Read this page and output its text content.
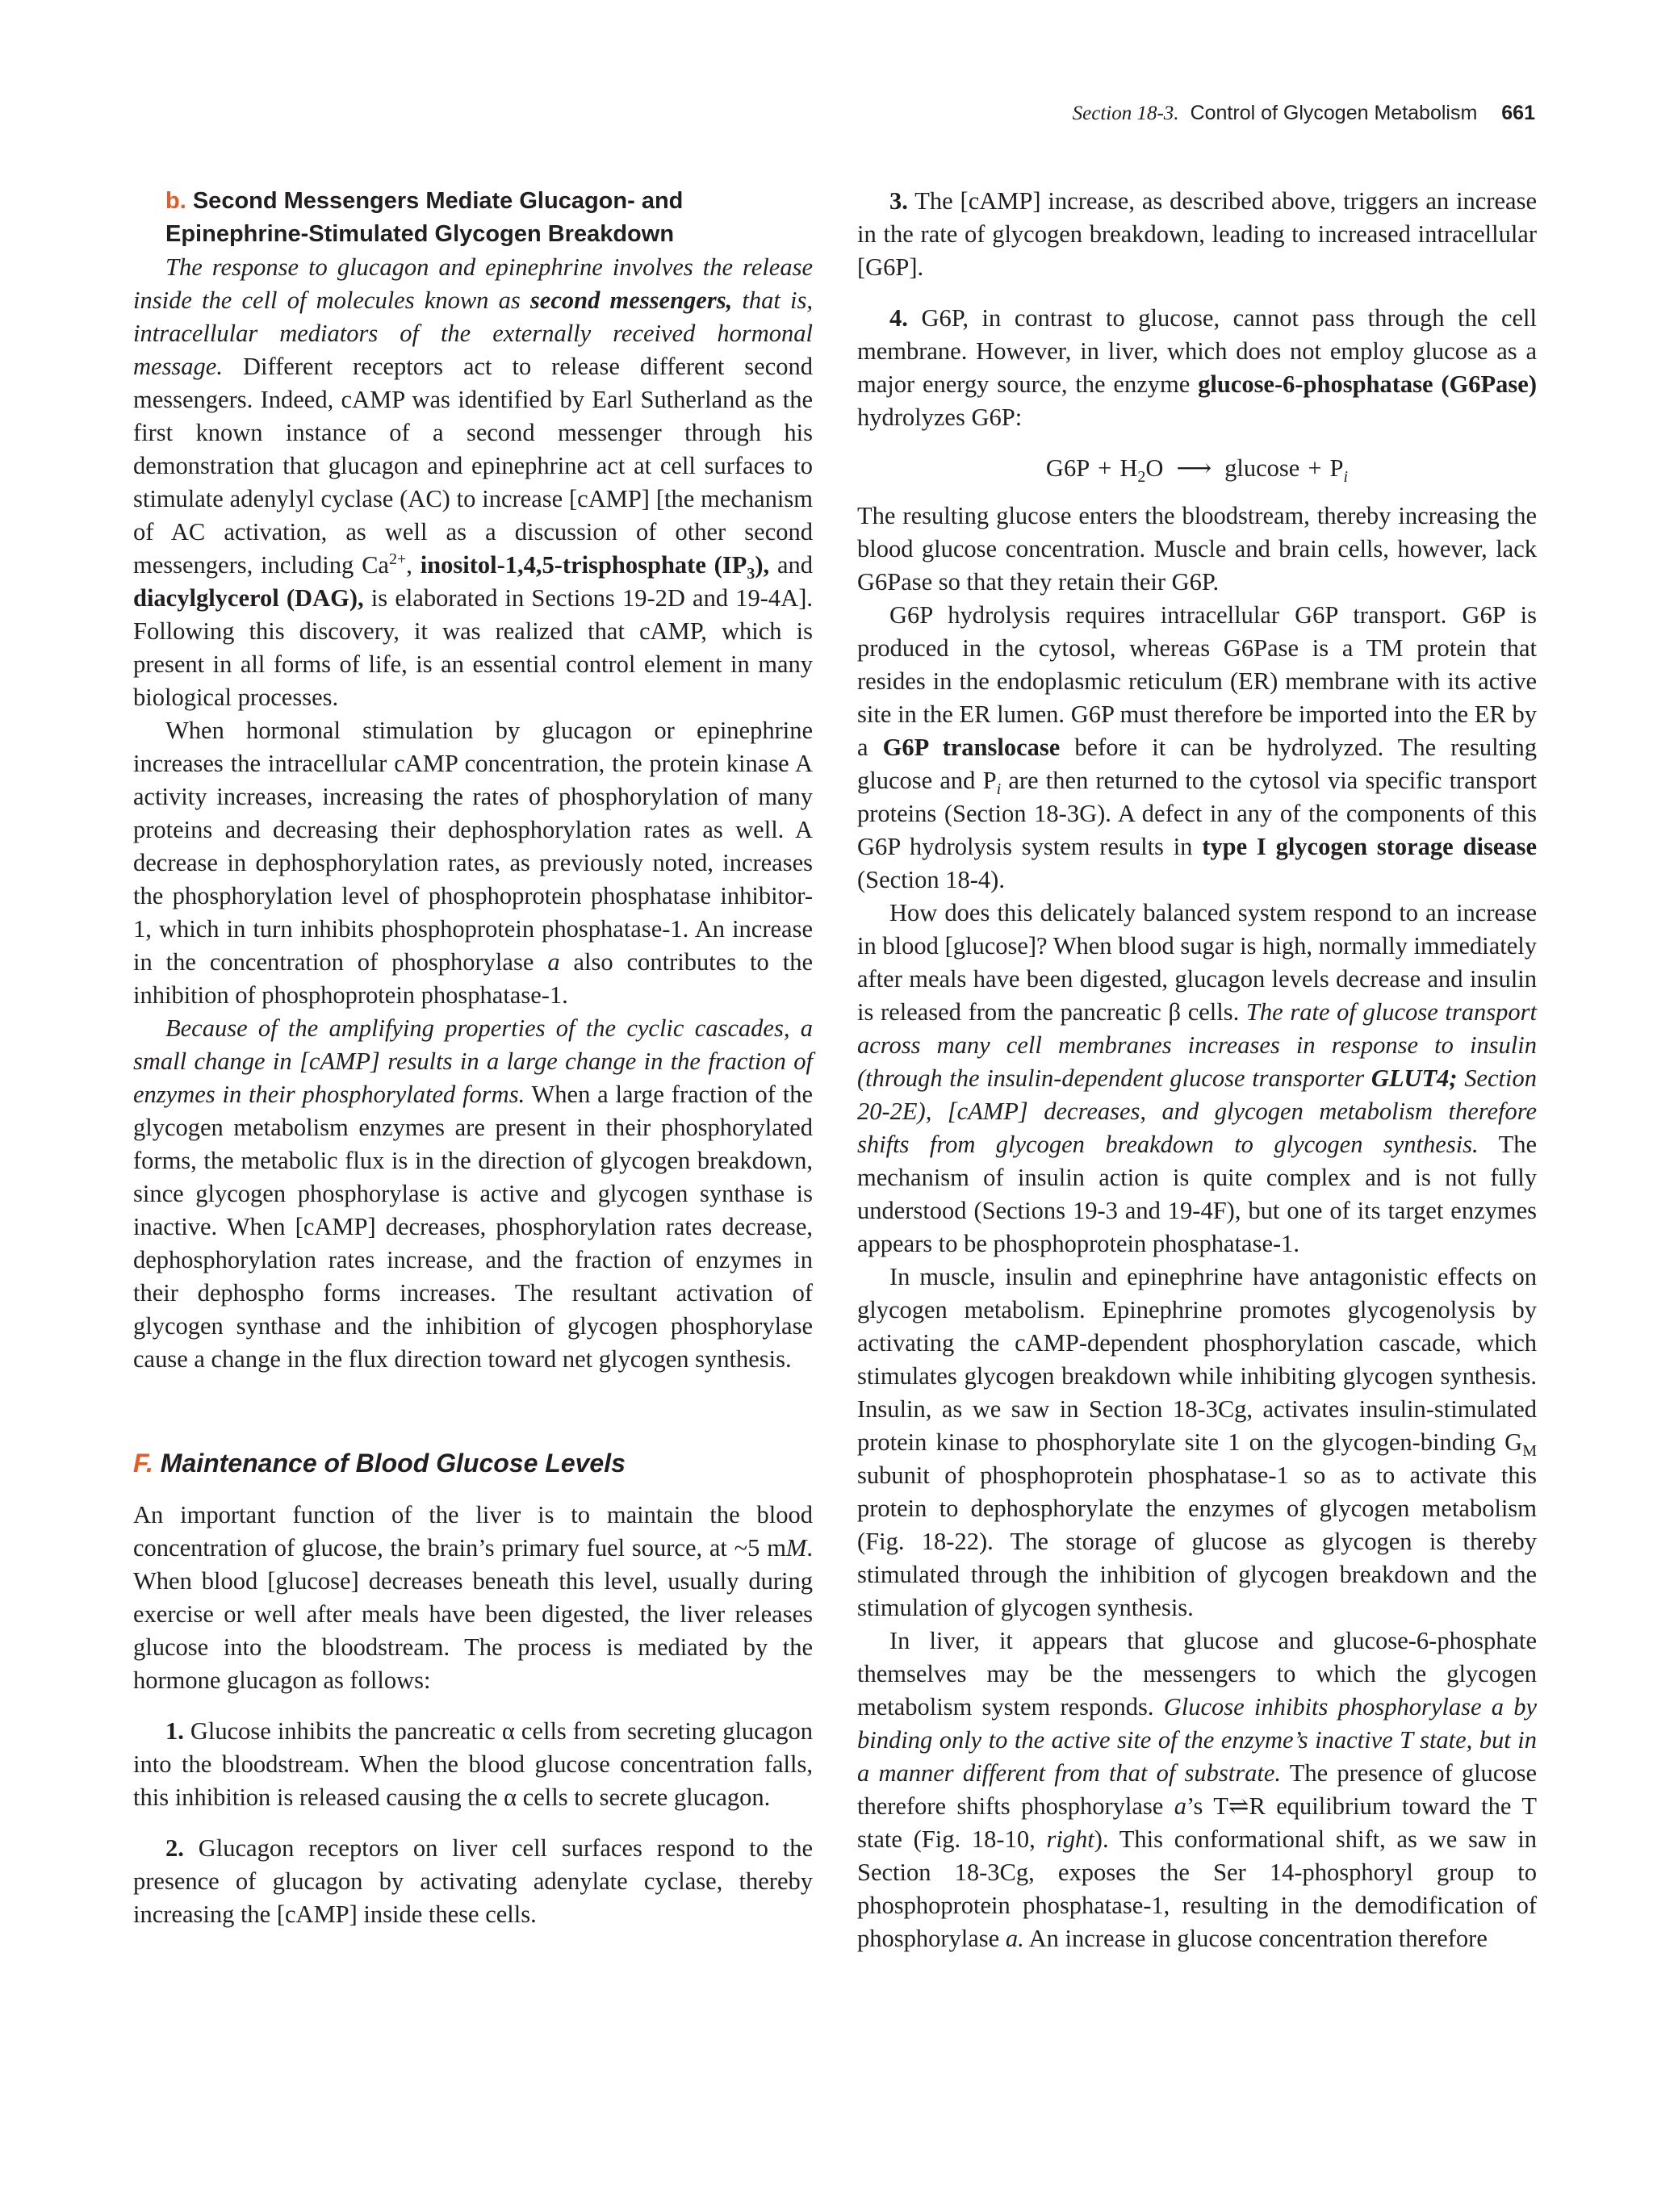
Section 18-3. Control of Glycogen Metabolism 661
b. Second Messengers Mediate Glucagon- and
Epinephrine-Stimulated Glycogen Breakdown

The response to glucagon and epinephrine involves the release inside the cell of molecules known as second messengers, that is, intracellular mediators of the externally received hormonal message. Different receptors act to release different second messengers. Indeed, cAMP was identified by Earl Sutherland as the first known instance of a second messenger through his demonstration that glucagon and epinephrine act at cell surfaces to stimulate adenylyl cyclase (AC) to increase [cAMP] [the mechanism of AC activation, as well as a discussion of other second messengers, including $Ca^{2+}$, inositol-1,4,5-trisphosphate $(IP_3)$, and diacylglycerol (DAG), is elaborated in Sections 19-2D and 19-4A]. Following this discovery, it was realized that cAMP, which is present in all forms of life, is an essential control element in many biological processes.

When hormonal stimulation by glucagon or epinephrine increases the intracellular cAMP concentration, the protein kinase A activity increases, increasing the rates of phosphorylation of many proteins and decreasing their dephosphorylation rates as well. A decrease in dephosphorylation rates, as previously noted, increases the phosphorylation level of phosphoprotein phosphatase inhibitor-1, which in turn inhibits phosphoprotein phosphatase-1. An increase in the concentration of phosphorylase a also contributes to the inhibition of phosphoprotein phosphatase-1.

Because of the amplifying properties of the cyclic cascades, a small change in [cAMP] results in a large change in the fraction of enzymes in their phosphorylated forms. When a large fraction of the glycogen metabolism enzymes are present in their phosphorylated forms, the metabolic flux is in the direction of glycogen breakdown, since glycogen phosphorylase is active and glycogen synthase is inactive. When [cAMP] decreases, phosphorylation rates decrease, dephosphorylation rates increase, and the fraction of enzymes in their dephospho forms increases. The resultant activation of glycogen synthase and the inhibition of glycogen phosphorylase cause a change in the flux direction toward net glycogen synthesis.

F. Maintenance of Blood Glucose Levels

An important function of the liver is to maintain the blood concentration of glucose, the brain’s primary fuel source, at ~5 mM. When blood [glucose] decreases beneath this level, usually during exercise or well after meals have been digested, the liver releases glucose into the bloodstream. The process is mediated by the hormone glucagon as follows:

1. Glucose inhibits the pancreatic α cells from secreting glucagon into the bloodstream. When the blood glucose concentration falls, this inhibition is released causing the α cells to secrete glucagon.

2. Glucagon receptors on liver cell surfaces respond to the presence of glucagon by activating adenylate cyclase, thereby increasing the [cAMP] inside these cells.

3. The [cAMP] increase, as described above, triggers an increase in the rate of glycogen breakdown, leading to increased intracellular [G6P].

4. G6P, in contrast to glucose, cannot pass through the cell membrane. However, in liver, which does not employ glucose as a major energy source, the enzyme glucose-6-phosphatase (G6Pase) hydrolyzes G6P:

$G6P + H_2O$ ⟶ $glucose + P_i$

The resulting glucose enters the bloodstream, thereby increasing the blood glucose concentration. Muscle and brain cells, however, lack G6Pase so that they retain their G6P.

G6P hydrolysis requires intracellular G6P transport. G6P is produced in the cytosol, whereas G6Pase is a TM protein that resides in the endoplasmic reticulum (ER) membrane with its active site in the ER lumen. G6P must therefore be imported into the ER by a G6P translocase before it can be hydrolyzed. The resulting glucose and $P_i$ are then returned to the cytosol via specific transport proteins (Section 18-3G). A defect in any of the components of this G6P hydrolysis system results in type I glycogen storage disease (Section 18-4).

How does this delicately balanced system respond to an increase in blood [glucose]? When blood sugar is high, normally immediately after meals have been digested, glucagon levels decrease and insulin is released from the pancreatic β cells. The rate of glucose transport across many cell membranes increases in response to insulin (through the insulin-dependent glucose transporter GLUT4; Section 20-2E), [cAMP] decreases, and glycogen metabolism therefore shifts from glycogen breakdown to glycogen synthesis. The mechanism of insulin action is quite complex and is not fully understood (Sections 19-3 and 19-4F), but one of its target enzymes appears to be phosphoprotein phosphatase-1.

In muscle, insulin and epinephrine have antagonistic effects on glycogen metabolism. Epinephrine promotes glycogenolysis by activating the cAMP-dependent phosphorylation cascade, which stimulates glycogen breakdown while inhibiting glycogen synthesis. Insulin, as we saw in Section 18-3Cg, activates insulin-stimulated protein kinase to phosphorylate site 1 on the glycogen-binding $G_M$ subunit of phosphoprotein phosphatase-1 so as to activate this protein to dephosphorylate the enzymes of glycogen metabolism (Fig. 18-22). The storage of glucose as glycogen is thereby stimulated through the inhibition of glycogen breakdown and the stimulation of glycogen synthesis.

In liver, it appears that glucose and glucose-6-phosphate themselves may be the messengers to which the glycogen metabolism system responds. Glucose inhibits phosphorylase a by binding only to the active site of the enzyme’s inactive T state, but in a manner different from that of substrate. The presence of glucose therefore shifts phosphorylase a’s T⇌R equilibrium toward the T state (Fig. 18-10, right). This conformational shift, as we saw in Section 18-3Cg, exposes the Ser 14-phosphoryl group to phosphoprotein phosphatase-1, resulting in the demodification of phosphorylase a. An increase in glucose concentration therefore
